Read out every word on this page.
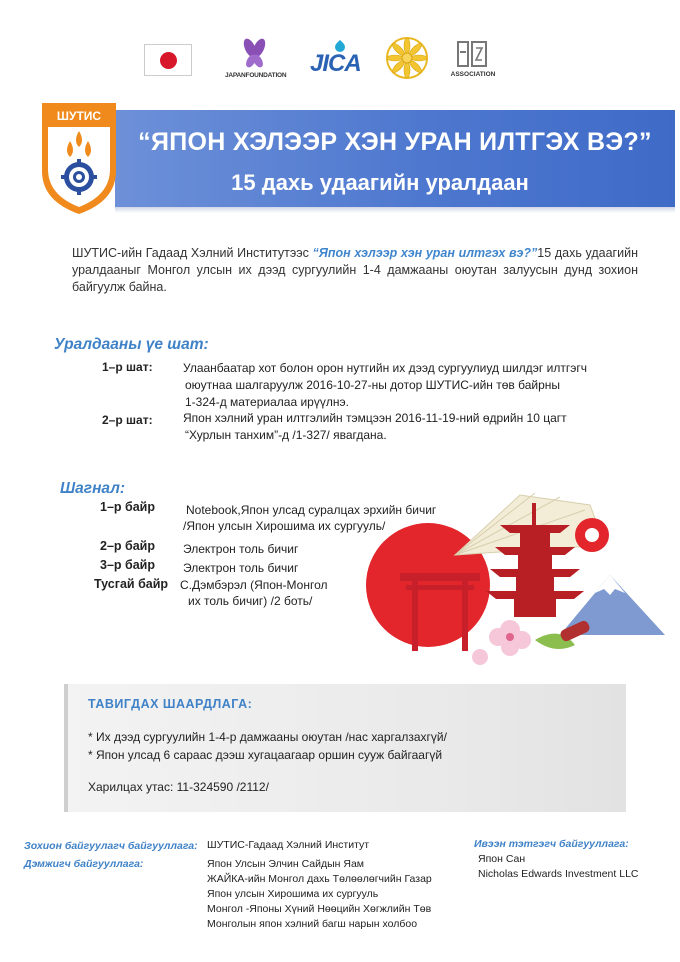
JAPANFOUNDATION JICA	ASSOCIATION
“ЯПОН ХЭЛЭЭР ХЭН УРАН ИЛТГЭХ ВЭ?”
15 дахь удаагийн уралдаан
ШУТИС
ШУТИС-ийн Гадаад Хэлний Институтээс “Япон хэлээр хэн уран илтгэх вэ?”15 дахь удаагийн уралдааныг Монгол улсын их дээд сургуулийн 1-4 дамжааны оюутан залуусын дунд зохион байгуулж байна.
Уралдааны үе шат:
1–р шат:	Улаанбаатар хот болон орон нутгийн их дээд сургуулиуд шилдэг илтгэгч
оюутнаа шалгаруулж 2016-10-27-ны дотор ШУТИС-ийн төв байрны
1-324-д материалаа ирүүлнэ.
2–р шат:	Япон хэлний уран илтгэлийн тэмцээн 2016-11-19-ний өдрийн 10 цагт
“Хурлын танхим”-д /1-327/ явагдана.
Шагнал:
1–р байр	Notebook,Япон улсад суралцах эрхийн бичиг
/Япон улсын Хирошима их сургууль/
2–р байр Электрон толь бичиг
3–р байр Электрон толь бичиг
Тусгай байр С.Дэмбэрэл (Япон-Монгол
их толь бичиг) /2 боть/
ТАВИГДАХ ШААРДЛАГА:
* Их дээд сургуулийн 1-4-р дамжааны оюутан /нас харгалзахгүй/
* Япон улсад 6 сараас дээш хугацаагаар оршин сууж байгаагүй
Харилцах утас: 11-324590 /2112/
Зохион байгуулагч байгууллага: ШУТИС-Гадаад Хэлний Институт
Дэмжигч байгууллага:	Япон Улсын Элчин Сайдын Яам
ЖАЙКА-ийн Монгол дахь Төлөөлөгчийн Газар
Япон улсын Хирошима их сургууль
Монгол -Японы Хүний Нөөцийн Хөгжлийн Төв
Монголын япон хэлний багш нарын холбоо
Ивээн тэтгэгч байгууллага:
Япон Сан
Nicholas Edwards Investment LLC
